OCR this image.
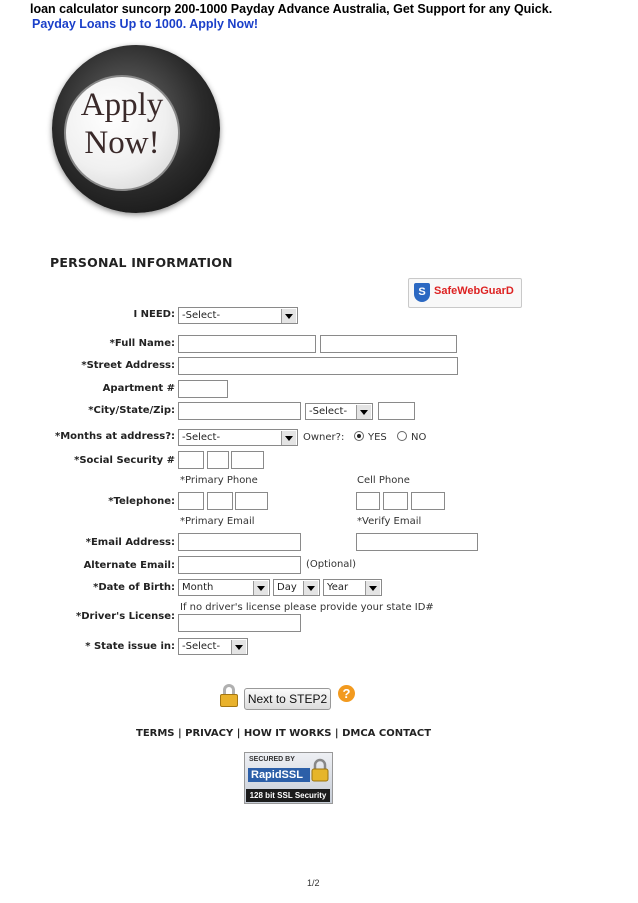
loan calculator suncorp 200-1000 Payday Advance Australia, Get Support for any Quick.
Payday Loans Up to 1000. Apply Now!
Apply
Now!
PERSONAL INFORMATION
S SafeWebGuarD
I NEED: -Select-
*Full Name:
*Street Address:
Apartment #
*City/State/Zip:	-Select-
*Months at address?: -Select-	Owner?: YES NO
*Social Security #
*Primary Phone	Cell Phone
*Telephone:
*Primary Email	*Verify Email
*Email Address:
Alternate Email:	(Optional)
*Date of Birth: Month	Day	Year
If no driver's license please provide your state ID#
*Driver's License:
* State issue in: -Select-
Next to STEP2	?
TERMS | PRIVACY | HOW IT WORKS | DMCA CONTACT
SECURED BY
RapidSSL
128 bit SSL Security
1/2
